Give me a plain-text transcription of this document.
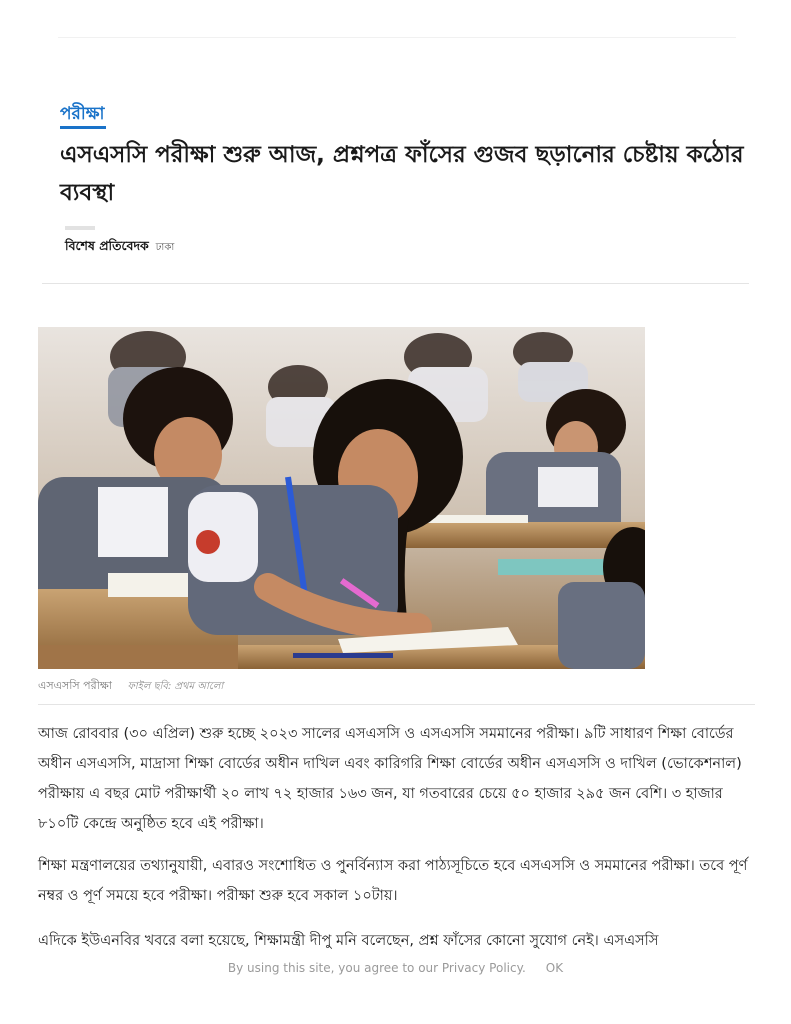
পরীক্ষা
এসএসসি পরীক্ষা শুরু আজ, প্রশ্নপত্র ফাঁসের গুজব ছড়ানোর চেষ্টায় কঠোর ব্যবস্থা
বিশেষ প্রতিবেদক ঢাকা
এসএসসি পরীক্ষা ফাইল ছবি: প্রথম আলো

আজ রোববার (৩০ এপ্রিল) শুরু হচ্ছে ২০২৩ সালের এসএসসি ও এসএসসি সমমানের পরীক্ষা। ৯টি সাধারণ শিক্ষা বোর্ডের অধীন এসএসসি, মাদ্রাসা শিক্ষা বোর্ডের অধীন দাখিল এবং কারিগরি শিক্ষা বোর্ডের অধীন এসএসসি ও দাখিল (ভোকেশনাল) পরীক্ষায় এ বছর মোট পরীক্ষার্থী ২০ লাখ ৭২ হাজার ১৬৩ জন, যা গতবারের চেয়ে ৫০ হাজার ২৯৫ জন বেশি। ৩ হাজার ৮১০টি কেন্দ্রে অনুষ্ঠিত হবে এই পরীক্ষা।

শিক্ষা মন্ত্রণালয়ের তথ্যানুযায়ী, এবারও সংশোধিত ও পুনর্বিন্যাস করা পাঠ্যসূচিতে হবে এসএসসি ও সমমানের পরীক্ষা। তবে পূর্ণ নম্বর ও পূর্ণ সময়ে হবে পরীক্ষা। পরীক্ষা শুরু হবে সকাল ১০টায়।

এদিকে ইউএনবির খবরে বলা হয়েছে, শিক্ষামন্ত্রী দীপু মনি বলেছেন, প্রশ্ন ফাঁসের কোনো সুযোগ নেই। এসএসসি

By using this site, you agree to our Privacy Policy. OK
